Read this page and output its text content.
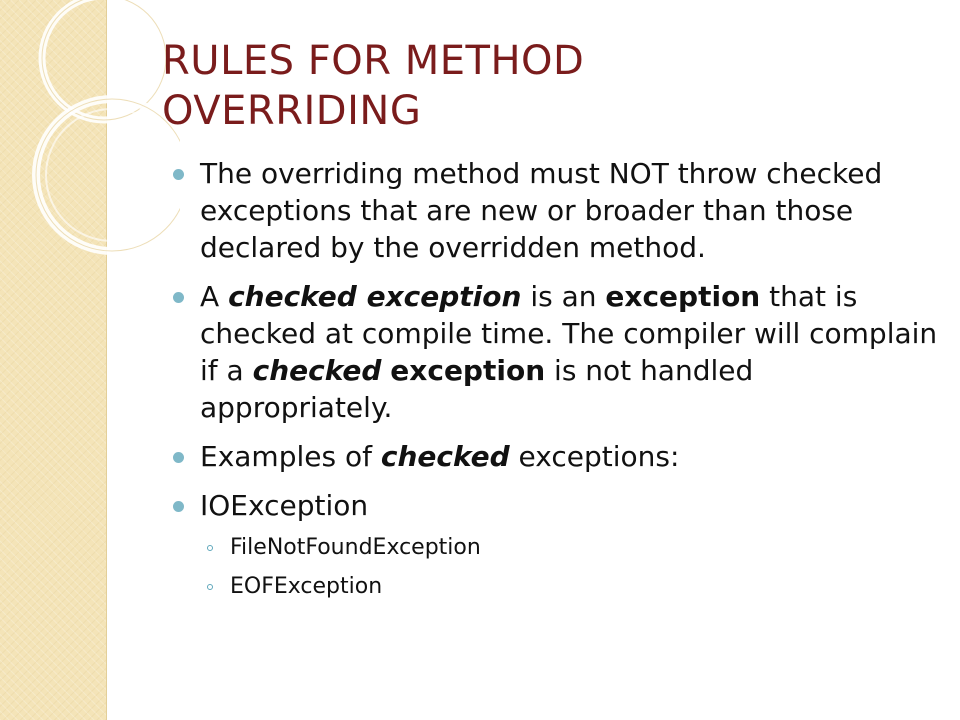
RULES FOR METHOD
OVERRIDING
The overriding method must NOT throw checked exceptions that are new or broader than those declared by the overridden method.
A checked exception is an exception that is checked at compile time. The compiler will complain if a checked exception is not handled appropriately.
Examples of checked exceptions:
IOException
FileNotFoundException
EOFException
